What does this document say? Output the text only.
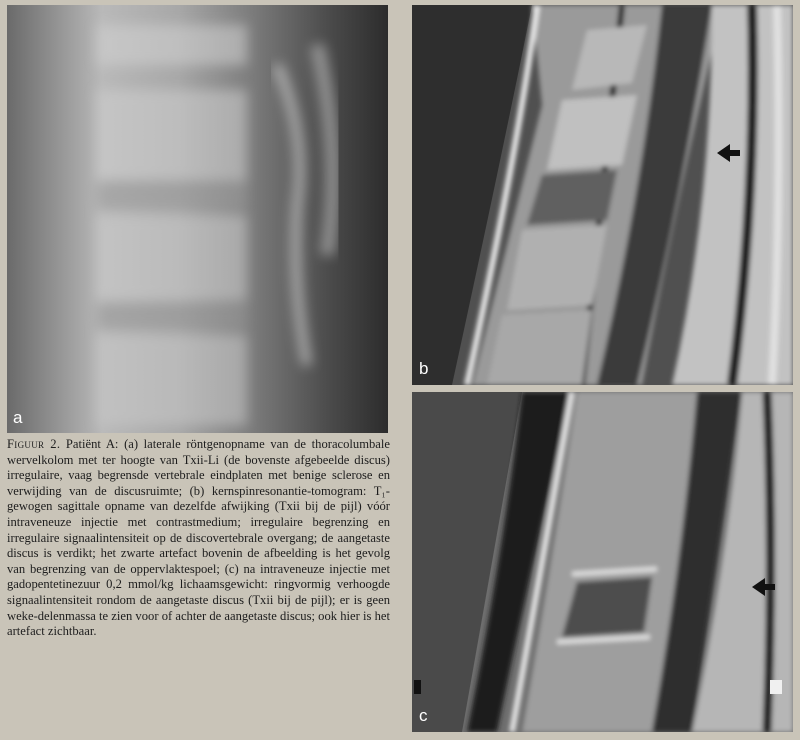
a
b
c
Figuur 2. Patiënt A: (a) laterale röntgenopname van de thoracolumbale wervelkolom met ter hoogte van Txii-Li (de bovenste afgebeelde discus) irregulaire, vaag begrensde vertebrale eindplaten met benige sclerose en verwijding van de discusruimte; (b) kernspinresonantie-tomogram: T₁-gewogen sagittale opname van dezelfde afwijking (Txii bij de pijl) vóór intraveneuze injectie met contrastmedium; irregulaire begrenzing en irregulaire signaalintensiteit op de discovertebrale overgang; de aangetaste discus is verdikt; het zwarte artefact bovenin de afbeelding is het gevolg van begrenzing van de oppervlaktespoel; (c) na intraveneuze injectie met gadopentetinezuur 0,2 mmol/kg lichaamsgewicht: ringvormig verhoogde signaalintensiteit rondom de aangetaste discus (Txii bij de pijl); er is geen weke-delenmassa te zien voor of achter de aangetaste discus; ook hier is het artefact zichtbaar.
